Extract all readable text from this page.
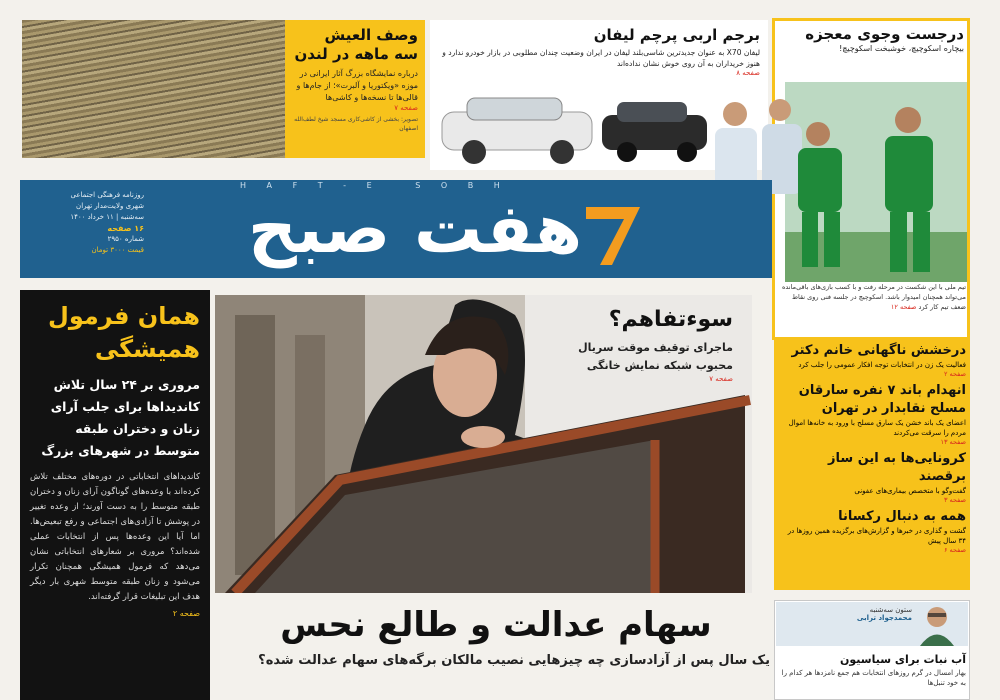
وصف العیش
سه ماهه در لندن

درباره نمایشگاه بزرگ آثار ایرانی در موزه «ویکتوریا و آلبرت»؛ از جام‌ها و قالی‌ها تا نسخه‌ها و کاشی‌ها

صفحه ۷

تصویر: بخشی از کاشی‌کاری مسجد شیخ لطف‌الله اصفهان

برجم اربی پرچم لیفان

لیفان X70 به عنوان جدیدترین شاسی‌بلند لیفان در ایران وضعیت چندان مطلوبی در بازار خودرو ندارد و هنوز خریداران به آن روی خوش نشان نداده‌اند

صفحه ۸

درجست وجوی معجزه

بیچاره اسکوچیچ، خوشبخت اسکوچیچ!

H A F T - E   S O B H

روزنامه فرهنگی اجتماعی

شهری ولایت‌مدار تهران

سه‌شنبه | ۱۱ خرداد ۱۴۰۰

۱۶ صفحه

شماره ۲۹۵۰

قیمت ۳۰۰۰ تومان	هفت صبح

همان فرمول همیشگی

مروری بر ۲۴ سال تلاش کاندیداها برای جلب آرای زنان و دختران طبقه متوسط در شهرهای بزرگ

کاندیداهای انتخاباتی در دوره‌های مختلف تلاش کرده‌اند با وعده‌های گوناگون آرای زنان و دختران طبقه متوسط را به دست آورند؛ از وعده تغییر در پوشش تا آزادی‌های اجتماعی و رفع تبعیض‌ها. اما آیا این وعده‌ها پس از انتخابات عملی شده‌اند؟ مروری بر شعارهای انتخاباتی نشان می‌دهد که فرمول همیشگی همچنان تکرار می‌شود و زنان طبقه متوسط شهری بار دیگر هدف این تبلیغات قرار گرفته‌اند.

صفحه ۲

سوءتفاهم؟

ماجرای توقیف موقت سریال محبوب شبکه نمایش خانگی

صفحه ۷

تیم ملی با این شکست در مرحله رفت و با کسب بازی‌های باقی‌مانده می‌تواند همچنان امیدوار باشد. اسکوچیچ در جلسه فنی روی نقاط ضعف تیم کار کرد صفحه ۱۲

درخشش ناگهانی خانم دکتر

فعالیت یک زن در انتخابات توجه افکار عمومی را جلب کرد

صفحه ۲

انهدام باند ۷ نفره سارقان مسلح نقابدار در تهران

اعضای یک باند خشن یک سارق مسلح با ورود به خانه‌ها اموال مردم را سرقت می‌کردند

صفحه ۱۳

کرونایی‌ها به این ساز برقصند

گفت‌وگو با متخصص بیماری‌های عفونی

صفحه ۳

همه به دنبال رکسانا

گشت و گذاری در خبرها و گزارش‌های برگزیده همین روزها در ۳۴ سال پیش

صفحه ۶

ستون سه‌شنبه

محمدجواد ترابی

آب نبات برای سیاسیون

بهار امسال در گرم روزهای انتخابات هم جمع نامزدها هر کدام را به خود تنبل‌ها

سهام عدالت و طالع نحس

یک سال پس از آزادسازی چه چیزهایی نصیب مالکان برگه‌های سهام عدالت شده؟
